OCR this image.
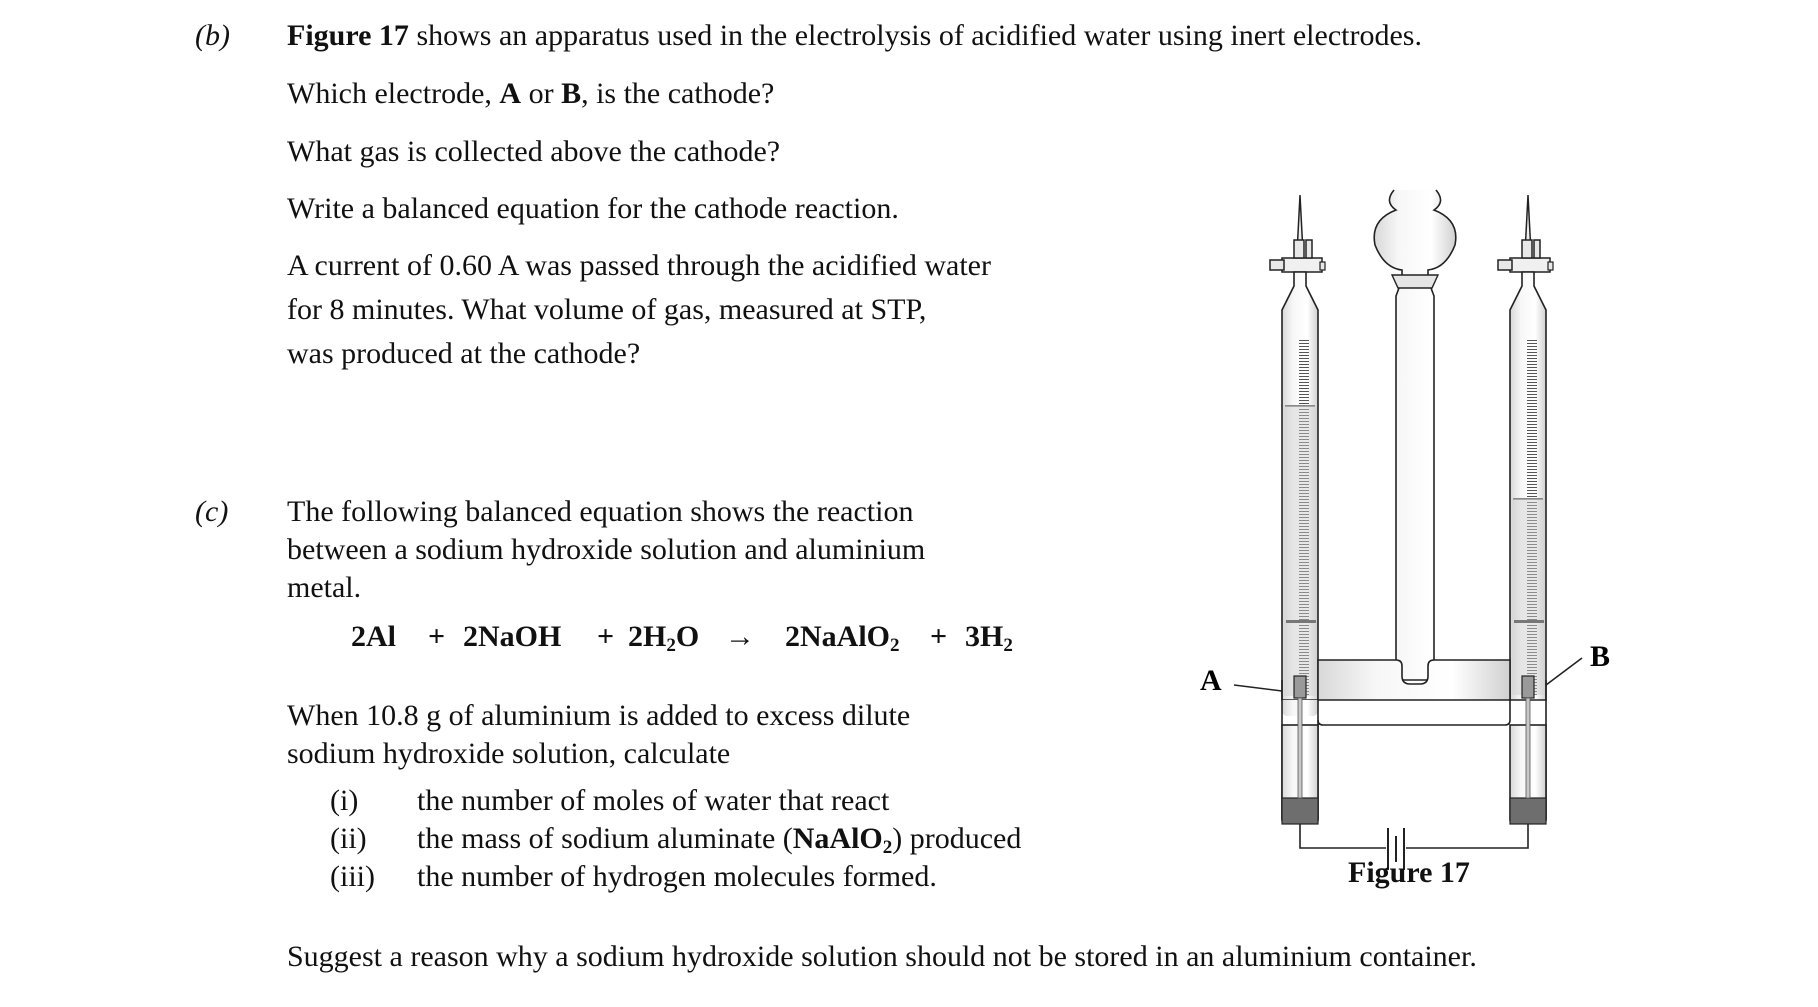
(b) Figure 17 shows an apparatus used in the electrolysis of acidified water using inert electrodes.
Which electrode, A or B, is the cathode?
What gas is collected above the cathode?
Write a balanced equation for the cathode reaction.
A current of 0.60 A was passed through the acidified water
for 8 minutes. What volume of gas, measured at STP,
was produced at the cathode?
(c) The following balanced equation shows the reaction
between a sodium hydroxide solution and aluminium
metal.
2Al + 2NaOH + $2H_2O$ → 2NaAlO$_2$ + $3H_2$
When 10.8 g of aluminium is added to excess dilute
sodium hydroxide solution, calculate
(i) the number of moles of water that react
(ii) the mass of sodium aluminate (NaAlO$_2$) produced
(iii) the number of hydrogen molecules formed.
Suggest a reason why a sodium hydroxide solution should not be stored in an aluminium container.
A
B
Figure 17
